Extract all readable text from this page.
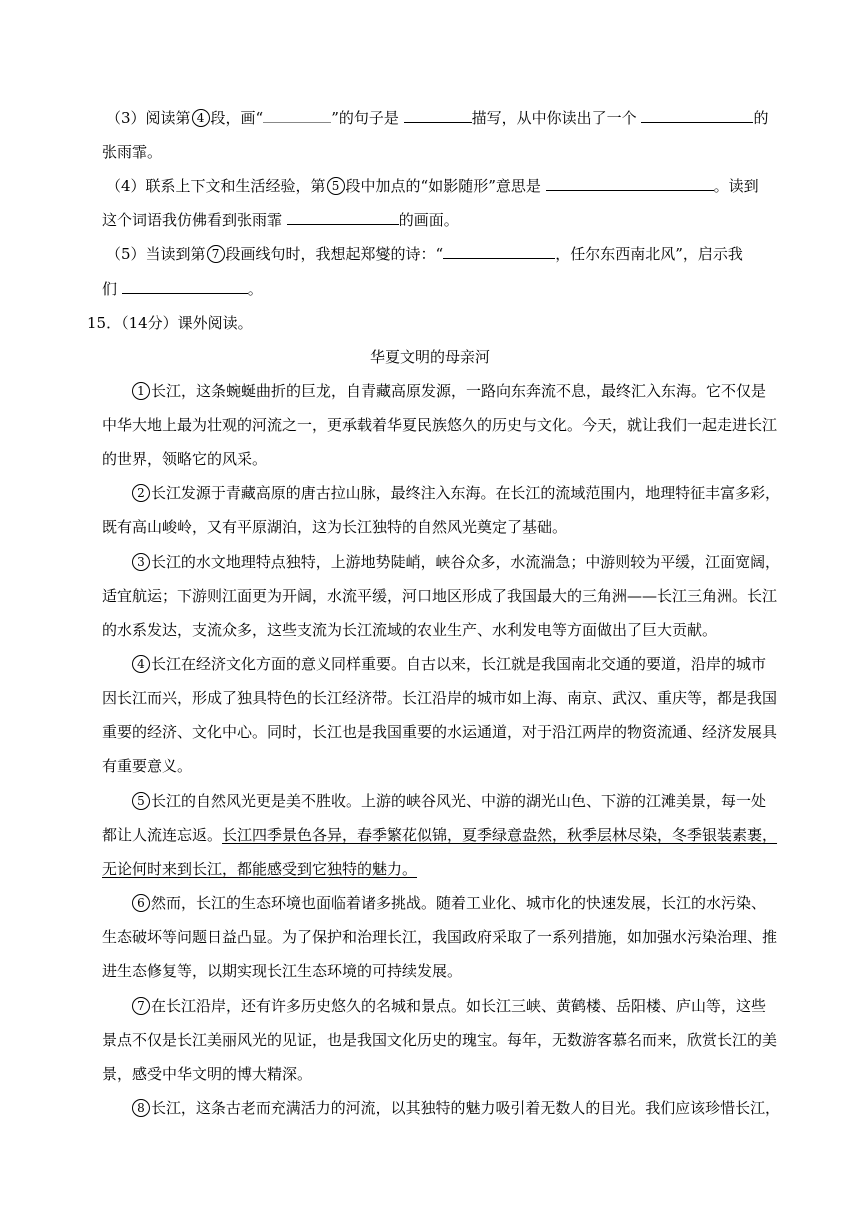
（3）阅读第 4 段，画“	”的句子是	描写，从中你读出了一个	的
张雨霏。
（4）联系上下文和生活经验，第 5 段中加点的“如影随形”意思是	。读到
这个词语我仿佛看到张雨霏	的画面。
（5）当读到第 7 段画线句时，我想起郑燮的诗：“	，任尔东西南北风”，启示我
们	。
15．（14分）课外阅读。
华夏文明的母亲河
1 长江，这条蜿蜒曲折的巨龙，自青藏高原发源，一路向东奔流不息，最终汇入东海。它不仅是
中华大地上最为壮观的河流之一，更承载着华夏民族悠久的历史与文化。今天，就让我们一起走进长江
的世界，领略它的风采。
2 长江发源于青藏高原的唐古拉山脉，最终注入东海。在长江的流域范围内，地理特征丰富多彩，
既有高山峻岭，又有平原湖泊，这为长江独特的自然风光奠定了基础。
3 长江的水文地理特点独特，上游地势陡峭，峡谷众多，水流湍急；中游则较为平缓，江面宽阔，
适宜航运；下游则江面更为开阔，水流平缓，河口地区形成了我国最大的三角洲——长江三角洲。长江
的水系发达，支流众多，这些支流为长江流域的农业生产、水利发电等方面做出了巨大贡献。
4 长江在经济文化方面的意义同样重要。自古以来，长江就是我国南北交通的要道，沿岸的城市
因长江而兴，形成了独具特色的长江经济带。长江沿岸的城市如上海、南京、武汉、重庆等，都是我国
重要的经济、文化中心。同时，长江也是我国重要的水运通道，对于沿江两岸的物资流通、经济发展具
有重要意义。
5 长江的自然风光更是美不胜收。上游的峡谷风光、中游的湖光山色、下游的江滩美景，每一处
都让人流连忘返。长江四季景色各异，春季繁花似锦，夏季绿意盎然，秋季层林尽染，冬季银装素裹，
无论何时来到长江，都能感受到它独特的魅力。
6 然而，长江的生态环境也面临着诸多挑战。随着工业化、城市化的快速发展，长江的水污染、
生态破坏等问题日益凸显。为了保护和治理长江，我国政府采取了一系列措施，如加强水污染治理、推
进生态修复等，以期实现长江生态环境的可持续发展。
7 在长江沿岸，还有许多历史悠久的名城和景点。如长江三峡、黄鹤楼、岳阳楼、庐山等，这些
景点不仅是长江美丽风光的见证，也是我国文化历史的瑰宝。每年，无数游客慕名而来，欣赏长江的美
景，感受中华文明的博大精深。
8 长江，这条古老而充满活力的河流，以其独特的魅力吸引着无数人的目光。我们应该珍惜长江，
